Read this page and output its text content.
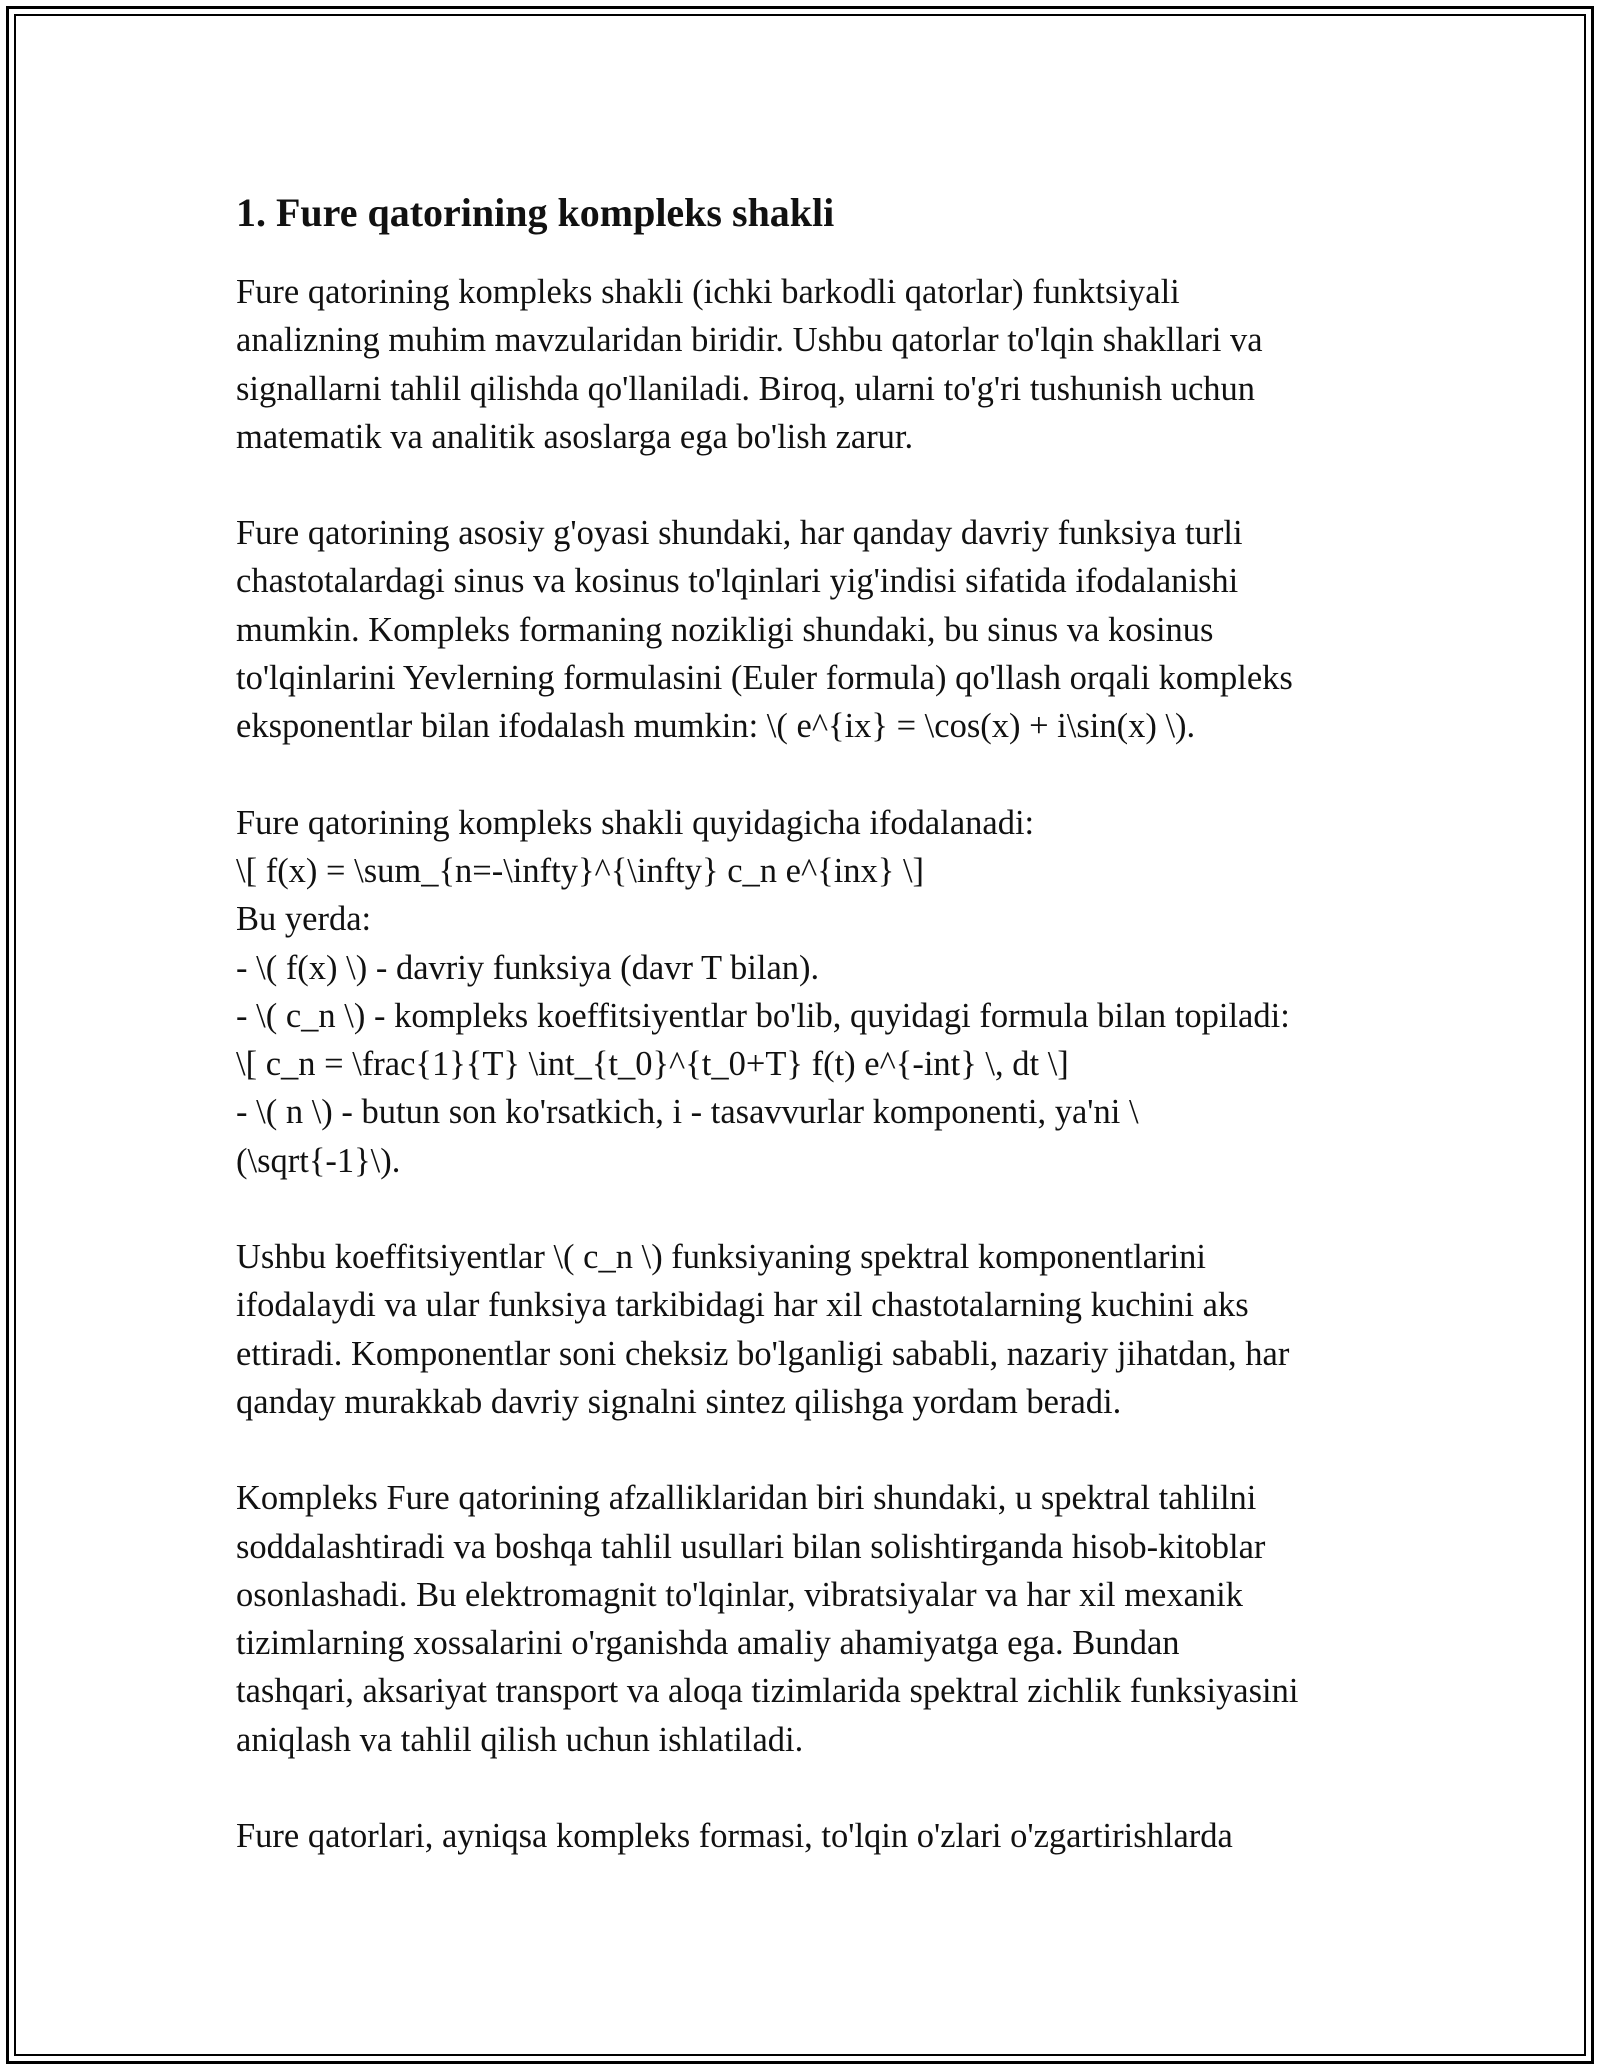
1. Fure qatorining kompleks shakli

Fure qatorining kompleks shakli (ichki barkodli qatorlar) funktsiyali
analizning muhim mavzularidan biridir. Ushbu qatorlar to'lqin shakllari va
signallarni tahlil qilishda qo'llaniladi. Biroq, ularni to'g'ri tushunish uchun
matematik va analitik asoslarga ega bo'lish zarur.

Fure qatorining asosiy g'oyasi shundaki, har qanday davriy funksiya turli
chastotalardagi sinus va kosinus to'lqinlari yig'indisi sifatida ifodalanishi
mumkin. Kompleks formaning nozikligi shundaki, bu sinus va kosinus
to'lqinlarini Yevlerning formulasini (Euler formula) qo'llash orqali kompleks
eksponentlar bilan ifodalash mumkin: \( e^{ix} = \cos(x) + i\sin(x) \).

Fure qatorining kompleks shakli quyidagicha ifodalanadi:
\[ f(x) = \sum_{n=-\infty}^{\infty} c_n e^{inx} \]
Bu yerda:
- \( f(x) \) - davriy funksiya (davr T bilan).
- \( c_n \) - kompleks koeffitsiyentlar bo'lib, quyidagi formula bilan topiladi:
\[ c_n = \frac{1}{T} \int_{t_0}^{t_0+T} f(t) e^{-int} \, dt \]
- \( n \) - butun son ko'rsatkich, i - tasavvurlar komponenti, ya'ni \
(\sqrt{-1}\).

Ushbu koeffitsiyentlar \( c_n \) funksiyaning spektral komponentlarini
ifodalaydi va ular funksiya tarkibidagi har xil chastotalarning kuchini aks
ettiradi. Komponentlar soni cheksiz bo'lganligi sababli, nazariy jihatdan, har
qanday murakkab davriy signalni sintez qilishga yordam beradi.

Kompleks Fure qatorining afzalliklaridan biri shundaki, u spektral tahlilni
soddalashtiradi va boshqa tahlil usullari bilan solishtirganda hisob-kitoblar
osonlashadi. Bu elektromagnit to'lqinlar, vibratsiyalar va har xil mexanik
tizimlarning xossalarini o'rganishda amaliy ahamiyatga ega. Bundan
tashqari, aksariyat transport va aloqa tizimlarida spektral zichlik funksiyasini
aniqlash va tahlil qilish uchun ishlatiladi.

Fure qatorlari, ayniqsa kompleks formasi, to'lqin o'zlari o'zgartirishlarda
